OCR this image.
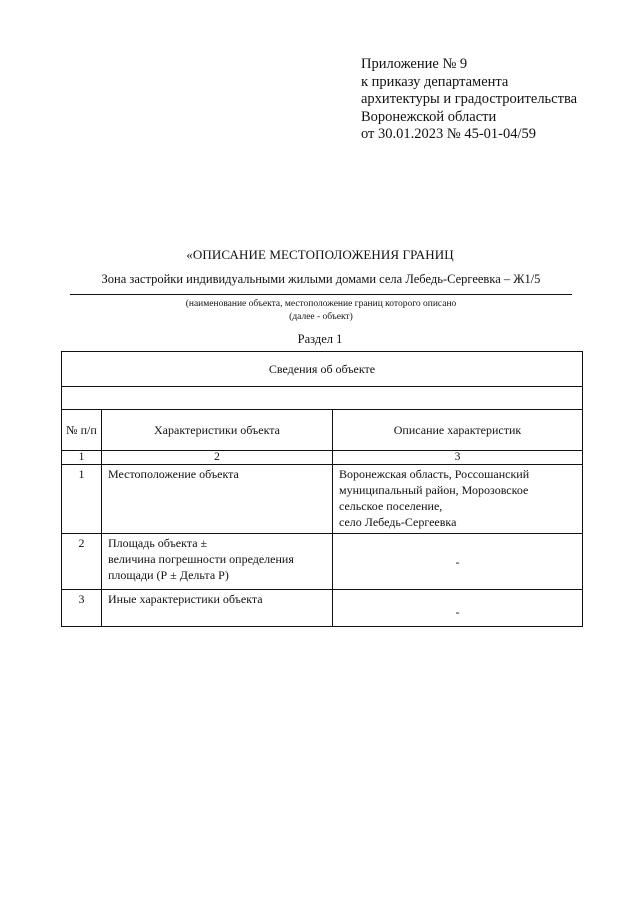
Приложение № 9
к приказу департамента
архитектуры и градостроительства
Воронежской области
от 30.01.2023 № 45-01-04/59
«ОПИСАНИЕ МЕСТОПОЛОЖЕНИЯ ГРАНИЦ
Зона застройки индивидуальными жилыми домами села Лебедь-Сергеевка – Ж1/5
(наименование объекта, местоположение границ которого описано
(далее - объект)
Раздел 1
Сведения об объекте		

№ п/п	Характеристики объекта	Описание характеристик
1	2	3
1	Местоположение объекта	Воронежская область, Россошанский
муниципальный район, Морозовское
сельское поселение,
село Лебедь-Сергеевка

2	Площадь объекта ±
величина погрешности определения
площади (Р ± Дельта Р)	-
3	Иные характеристики объекта	-
